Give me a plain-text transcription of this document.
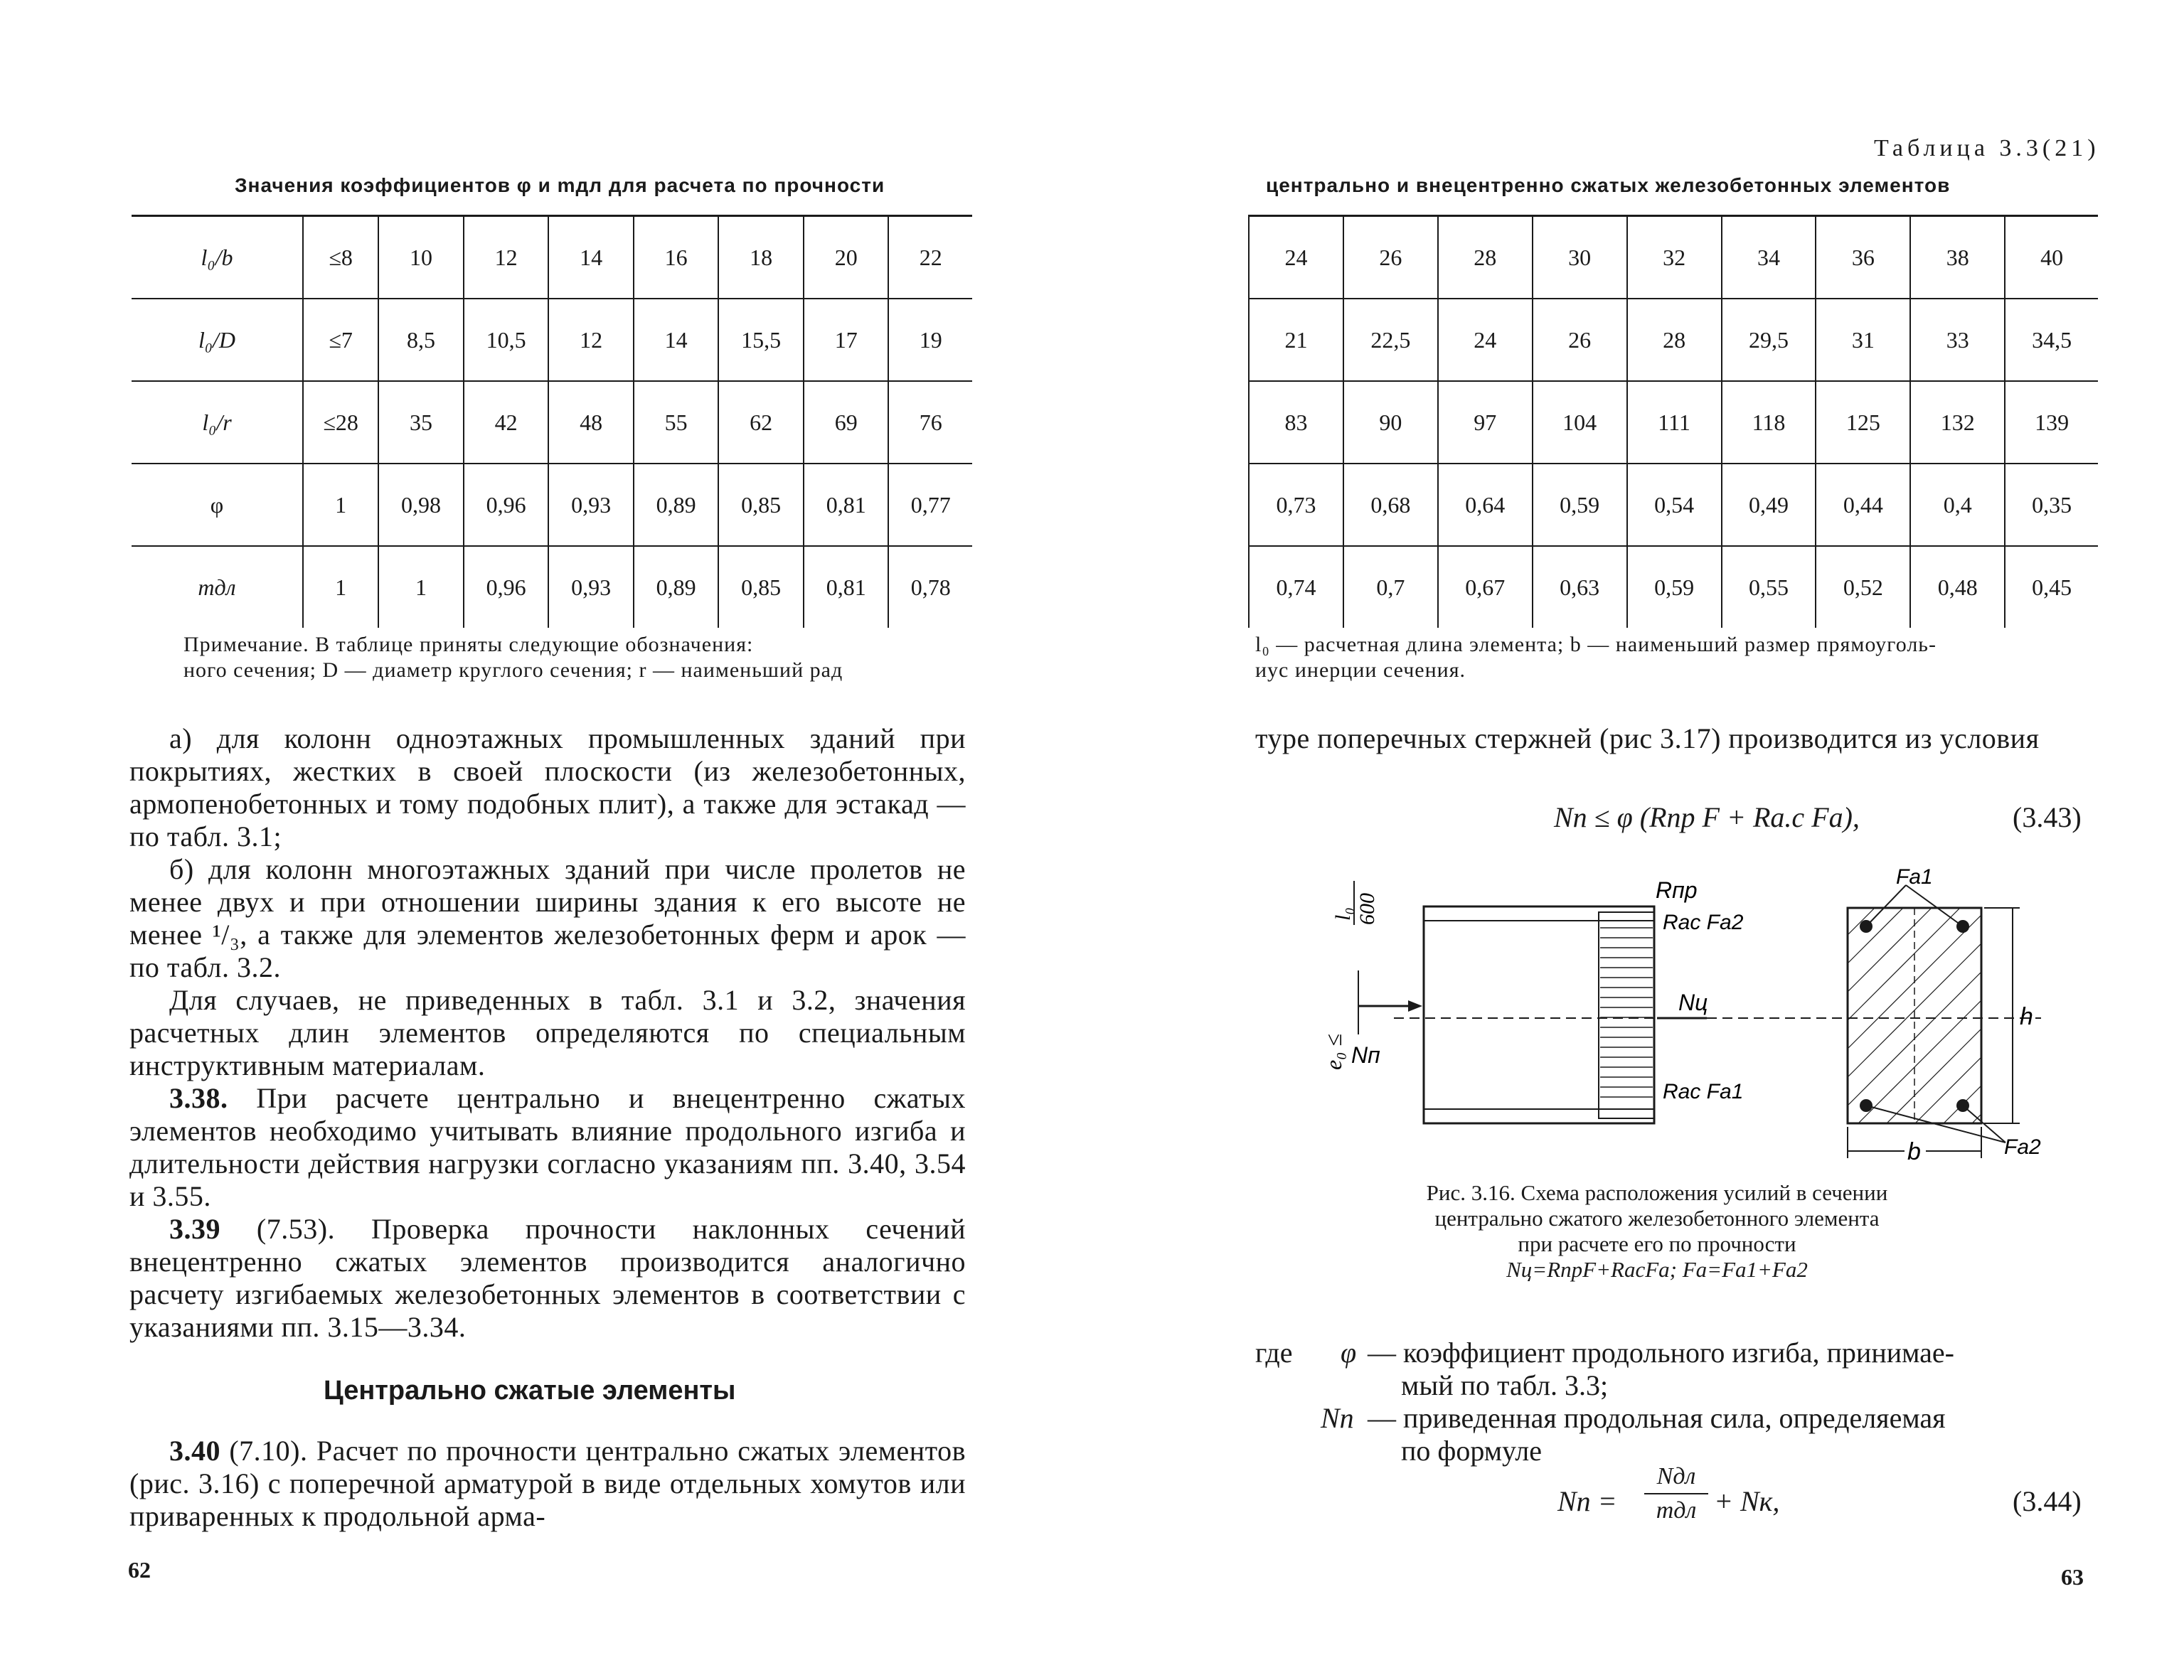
Таблица 3.3(21)
Значения коэффициентов φ и mдл для расчета по прочности	центрально и внецентренно сжатых железобетонных элементов
l₀/b	≤8	10	12	14	16	18	20	22
l₀/D	≤7	8,5	10,5	12	14	15,5	17	19
l₀/r	≤28	35	42	48	55	62	69	76
φ	1	0,98	0,96	0,93	0,89	0,85	0,81	0,77
mдл	1	1	0,96	0,93	0,89	0,85	0,81	0,78
24	26	28	30	32	34	36	38	40
21	22,5	24	26	28	29,5	31	33	34,5
83	90	97	104	111	118	125	132	139
0,73	0,68	0,64	0,59	0,54	0,49	0,44	0,4	0,35
0,74	0,7	0,67	0,63	0,59	0,55	0,52	0,48	0,45
Примечание. В таблице приняты следующие обозначения:
ного сечения; D — диаметр круглого сечения; r — наименьший рад
l₀ — расчетная длина элемента; b — наименьший размер прямоуголь-
иус инерции сечения.

а) для колонн одноэтажных промышленных зданий при покрытиях, жестких в своей плоскости (из железобетонных, армопенобетонных и тому подобных плит), а также для эстакад — по табл. 3.1;

б) для колонн многоэтажных зданий при числе пролетов не менее двух и при отношении ширины здания к его высоте не менее ¹/₃, а также для элементов железобетонных ферм и арок — по табл. 3.2.

Для случаев, не приведенных в табл. 3.1 и 3.2, значения расчетных длин элементов определяются по специальным инструктивным материалам.

3.38. При расчете центрально и внецентренно сжатых элементов необходимо учитывать влияние продольного изгиба и длительности действия нагрузки согласно указаниям пп. 3.40, 3.54 и 3.55.

3.39 (7.53). Проверка прочности наклонных сечений внецентренно сжатых элементов производится аналогично расчету изгибаемых железобетонных элементов в соответствии с указаниями пп. 3.15—3.34.

Центрально сжатые элементы

3.40 (7.10). Расчет по прочности центрально сжатых элементов (рис. 3.16) с поперечной арматурой в виде отдельных хомутов или приваренных к продольной арма-

62

туре поперечных стержней (рис 3.17) производится из условия

Nп ≤ φ (Rпр F + Rа.с Fа),	(3.43)
l₀ 600
e₀ ≤ Nп
Rпр
Rас Fа2
Nц
Rас Fа1
Fа1
Fа2
h
b
Рис. 3.16. Схема расположения усилий в сечении
центрально сжатого железобетонного элемента
при расчете его по прочности
Nц=RпрF+RасFа; Fа=Fа1+Fа2
где φ — коэффициент продольного изгиба, принимае-
мый по табл. 3.3;
Nп — приведенная продольная сила, определяемая
по формуле
Nп =
Nдл
mдл + Nк,	(3.44)
63
